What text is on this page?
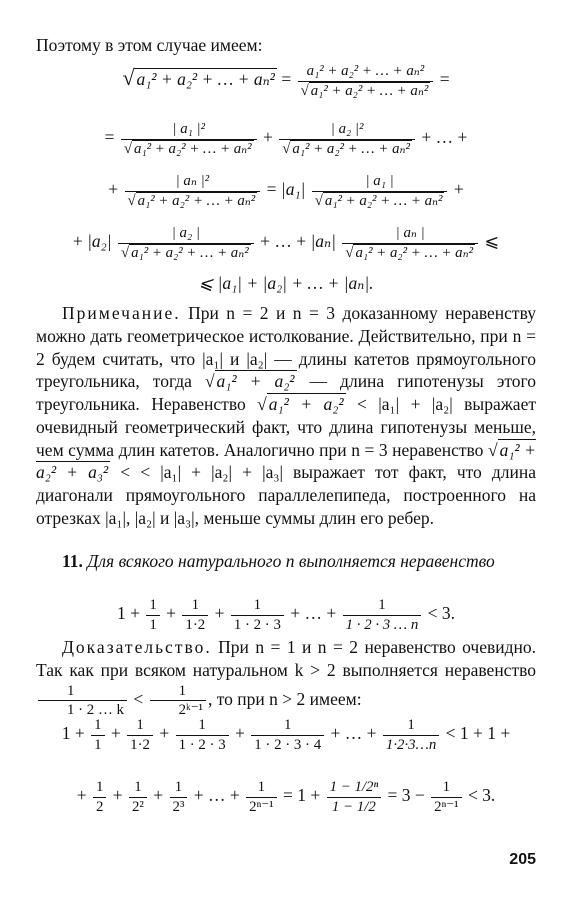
Поэтому в этом случае имеем:
√ a₁² + a₂² + … + $a_n^2 = \frac{\text{a₁² + a₂² + … + aₙ²}}{\text{√ a₁² + a₂² + … + aₙ²}}$ =
= $\frac{\text{| a₁ |²}}{\text{√ a₁² + a₂² + … + aₙ²}} + \frac{\text{| a₂ |²}}{\text{√ a₁² + a₂² + … + aₙ²}}$ + … +
+ $\frac{\text{| aₙ |²}}{\text{√ a₁² + a₂² + … + aₙ²}} = |a_1| \frac{\text{| a₁ |}}{\text{√ a₁² + a₂² + … + aₙ²}}$ +
+ $|a_2| \frac{\text{| a₂ |}}{\text{√ a₁² + a₂² + … + aₙ²}}$ + … + $|a_n| \frac{\text{| aₙ |}}{\text{√ a₁² + a₂² + … + aₙ²}}$ ⩽
⩽ |a₁| + |a₂| + … + |aₙ|.
Примечание. При n = 2 и n = 3 доказанному неравенству можно дать геометрическое истолкование. Действительно, при n = 2 будем считать, что |a₁| и |a₂| — длины катетов прямоугольного треугольника, тогда √ a₁² + a₂² — длина гипотенузы этого треугольника. Неравенство √ a₁² + a₂² < |a₁| + |a₂| выражает очевидный геометрический факт, что длина гипотенузы меньше, чем сумма длин катетов. Аналогично при n = 3 неравенство √ a₁² + a₂² + a₃² < < |a₁| + |a₂| + |a₃| выражает тот факт, что длина диагонали прямоугольного параллелепипеда, построенного на отрезках |a₁|, |a₂| и |a₃|, меньше суммы длин его ребер.
11. Для всякого натурального n выполняется неравенство
$1 + \frac{1}{1} + \frac{1}{1\cdot 2} + \frac{1}{1 \cdot 2 \cdot 3}$ + … + $\frac{1}{1 \cdot 2 \cdot 3 \dots n} < 3$.
Доказательство. При n = 1 и n = 2 неравенство очевидно. Так как при всяком натуральном k > 2 выполняется неравенство
$\frac{1}{1 \cdot 2 \dots k} < \frac{1}{\text{2ᵏ⁻¹}}$ , то при n > 2 имеем:
$1 + \frac{1}{1} + \frac{1}{1\cdot 2} + \frac{1}{1 \cdot 2 \cdot 3} + \frac{1}{1 \cdot 2 \cdot 3 \cdot 4}$ + … + $\frac{1}{1\cdot 2\cdot 3\dots n} < 1 + 1$ +
+ $\frac{1}{2} + \frac{1}{\text{2²}} + \frac{1}{\text{2³}}$ + … + $\frac{1}{\text{2ⁿ⁻¹}} = 1 + \frac{\text{1 − 1/2ⁿ}}{1 - 1/2} = 3 - \frac{1}{\text{2ⁿ⁻¹}} < 3$.
205
